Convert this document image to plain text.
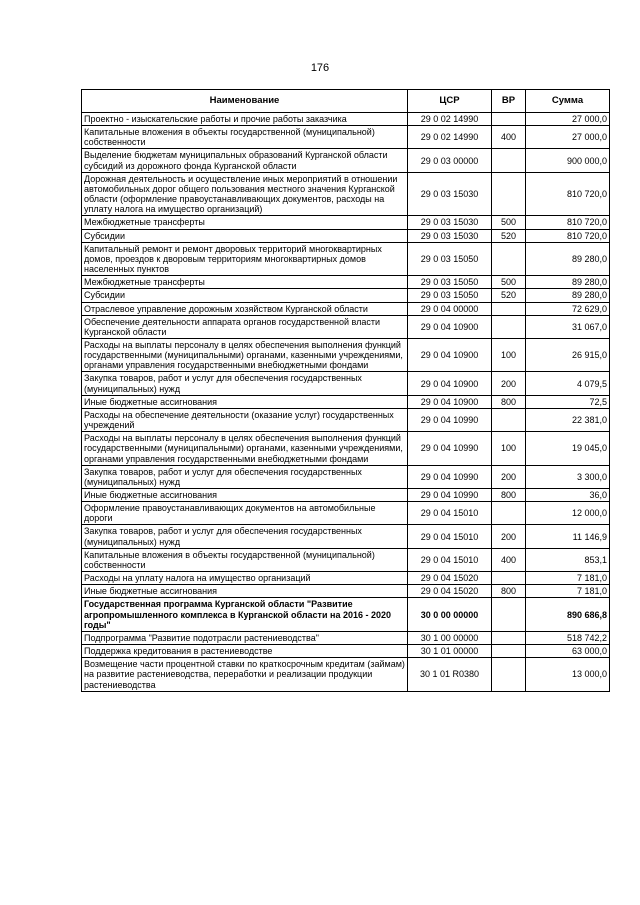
176
Наименование	ЦСР	ВР	Сумма
Проектно - изыскательские работы и прочие работы заказчика	29 0 02 14990		27 000,0
Капитальные вложения в объекты государственной (муниципальной) собственности	29 0 02 14990	400	27 000,0
Выделение бюджетам муниципальных образований Курганской области субсидий из дорожного фонда Курганской области	29 0 03 00000		900 000,0
Дорожная деятельность и осуществление иных мероприятий в отношении автомобильных дорог общего пользования местного значения Курганской области (оформление правоустанавливающих документов, расходы на уплату налога на имущество организаций)	29 0 03 15030		810 720,0
Межбюджетные трансферты	29 0 03 15030	500	810 720,0
Субсидии	29 0 03 15030	520	810 720,0
Капитальный ремонт и ремонт дворовых территорий многоквартирных домов, проездов к дворовым территориям многоквартирных домов населенных пунктов	29 0 03 15050		89 280,0
Межбюджетные трансферты	29 0 03 15050	500	89 280,0
Субсидии	29 0 03 15050	520	89 280,0
Отраслевое управление дорожным хозяйством Курганской области	29 0 04 00000		72 629,0
Обеспечение деятельности аппарата органов государственной власти Курганской области	29 0 04 10900		31 067,0
Расходы на выплаты персоналу в целях обеспечения выполнения функций государственными (муниципальными) органами, казенными учреждениями, органами управления государственными внебюджетными фондами	29 0 04 10900	100	26 915,0
Закупка товаров, работ и услуг для обеспечения государственных (муниципальных) нужд	29 0 04 10900	200	4 079,5
Иные бюджетные ассигнования	29 0 04 10900	800	72,5
Расходы на обеспечение деятельности (оказание услуг) государственных учреждений	29 0 04 10990		22 381,0
Расходы на выплаты персоналу в целях обеспечения выполнения функций государственными (муниципальными) органами, казенными учреждениями, органами управления государственными внебюджетными фондами	29 0 04 10990	100	19 045,0
Закупка товаров, работ и услуг для обеспечения государственных (муниципальных) нужд	29 0 04 10990	200	3 300,0
Иные бюджетные ассигнования	29 0 04 10990	800	36,0
Оформление правоустанавливающих документов на автомобильные дороги	29 0 04 15010		12 000,0
Закупка товаров, работ и услуг для обеспечения государственных (муниципальных) нужд	29 0 04 15010	200	11 146,9
Капитальные вложения в объекты государственной (муниципальной) собственности	29 0 04 15010	400	853,1
Расходы на уплату налога на имущество организаций	29 0 04 15020		7 181,0
Иные бюджетные ассигнования	29 0 04 15020	800	7 181,0
Государственная программа Курганской области "Развитие агропромышленного комплекса в Курганской области на 2016 - 2020 годы"	30 0 00 00000		890 686,8
Подпрограмма "Развитие подотрасли растениеводства"	30 1 00 00000		518 742,2
Поддержка кредитования в растениеводстве	30 1 01 00000		63 000,0
Возмещение части процентной ставки по краткосрочным кредитам (займам) на развитие растениеводства, переработки и реализации продукции растениеводства	30 1 01 R0380		13 000,0
